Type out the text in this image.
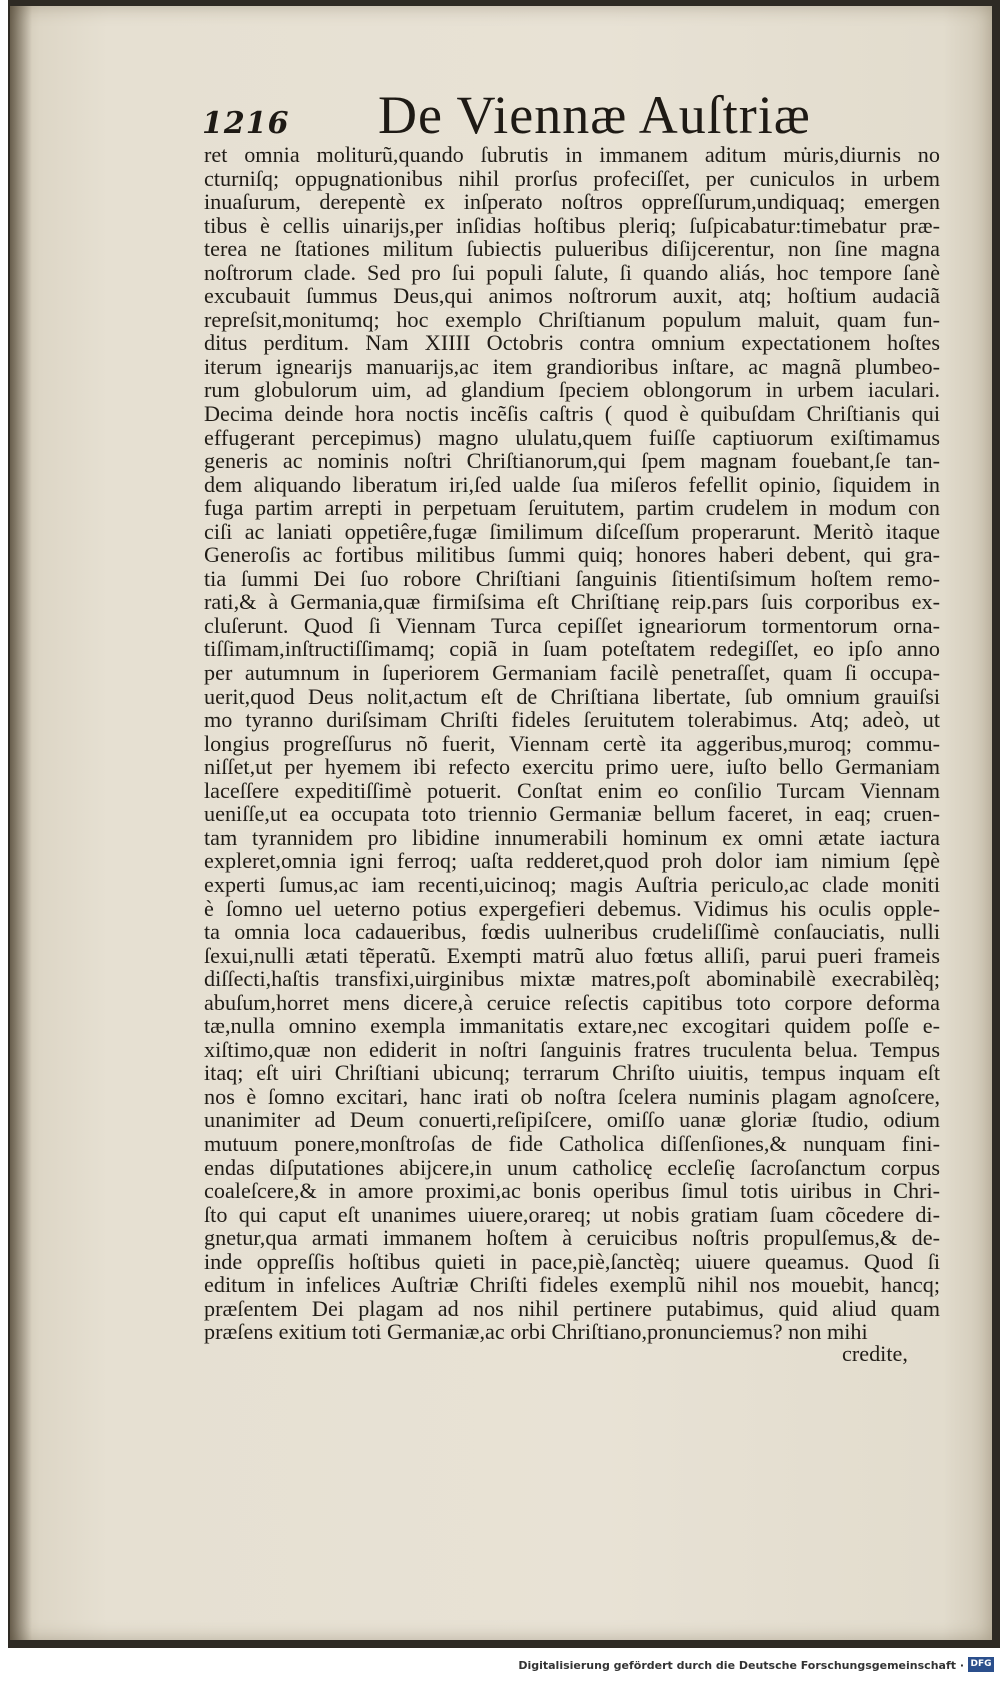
1216 De Viennæ Auſtriæ
ret omnia moliturũ,quando ſubrutis in immanem aditum mu̇ris,diurnis no
cturniſq; oppugnationibus nihil prorſus profeciſſet, per cuniculos in urbem
inuaſurum, derepentè ex inſperato noſtros oppreſſurum,undiquaq; emergen
tibus è cellis uinarijs,per inſidias hoſtibus plerіq; ſuſpicabatur:timebatur præ-
terea ne ſtationes militum ſubiectis puluerіbus diſijcerentur, non ſine magna
noſtrorum clade. Sed pro ſui populi ſalute, ſi quando aliás, hoc tempore ſanè
excubauit ſummus Deus,qui animos noſtrorum auxit, atq; hoſtium audaciã
repreſsit,monitumq; hoc exemplo Chriſtianum populum maluit, quam fun-
ditus perditum. Nam XIIII Octobris contra omnium expectationem hoſtes
iterum ignearijs manuarijs,ac item grandioribus inſtare, ac magnã plumbeo-
rum globulorum uim, ad glandium ſpeciem oblongorum in urbem iaculari.
Decima deinde hora noctis incẽſis caſtris ( quod è quibuſdam Chriſtianis qui
effugerant percepimus) magno ululatu,quem fuiſſe captiuorum exiſtimamus
generis ac nominis noſtri Chriſtianorum,qui ſpem magnam fouebant,ſe tan-
dem aliquando liberatum iri,ſed ualde ſua miſeros fefellit opinio, ſiquidem in
fuga partim arrepti in perpetuam ſeruitutem, partim crudelem in modum con
ciſi ac laniati oppetiêre,fugæ ſimilimum diſceſſum properarunt. Meritò itaque
Generoſis ac fortibus militibus ſummi quiq; honores haberi debent, qui gra-
tia ſummi Dei ſuo robore Chriſtiani ſanguinis ſitientiſsimum hoſtem remo-
rati,& à Germania,quæ firmiſsima eſt Chriſtianę reip.pars ſuis corporibus ex-
cluſerunt. Quod ſi Viennam Turca cepiſſet ignearіorum tormentorum orna-
tiſſimam,inſtructiſſimamq; copiã in ſuam poteſtatem redegiſſet, eo ipſo anno
per autumnum in ſuperiorem Germaniam facilè penetraſſet, quam ſi occupa-
uerit,quod Deus nolit,actum eſt de Chriſtiana libertate, ſub omnium grauiſsi
mo tyranno durіſsimam Chriſti fideles ſeruitutem tolerabimus. Atq; adeò, ut
longius progreſſurus nõ fuerit, Viennam certè ita aggeribus,muroq; commu-
niſſet,ut per hyemem ibi refecto exercitu primo uere, iuſto bello Germaniam
laceſſere expeditiſſimè potuerit. Conſtat enim eo conſilio Turcam Viennam
ueniſſe,ut ea occupata toto triennio Germaniæ bellum faceret, in eaq; cruen-
tam tyrannidem pro libidine innumerabili hominum ex omni ætate iactura
expleret,omnia igni ferroq; uaſta redderet,quod proh dolor iam nimium ſępè
experti ſumus,ac iam recenti,uicinoq; magis Auſtria periculo,ac clade moniti
è ſomno uel ueterno potius expergefieri debemus. Vidimus his oculis opple-
ta omnia loca cadaueribus, fœdis uulneribus crudeliſſimè conſauciatis, nulli
ſexui,nulli ætati tẽperatũ. Exempti matrũ aluo fœtus alliſi, parui pueri frameis
diſſecti,haſtis transfixi,uirginibus mixtæ matres,poſt abominabilè execrabilèq;
abuſum,horret mens dicere,à ceruice reſectis capitibus toto corpore deforma
tæ,nulla omnino exempla immanitatis extare,nec excogitari quidem poſſe e-
xiſtimo,quæ non ediderit in noſtri ſanguinis fratres truculenta belua. Tempus
itaq; eſt uiri Chriſtiani ubicunq; terrarum Chriſto uiuitis, tempus inquam eſt
nos è ſomno excitari, hanc irati ob noſtra ſcelera numinis plagam agnoſcere,
unanimiter ad Deum conuerti,reſipiſcere, omiſſo uanæ gloriæ ſtudio, odium
mutuum ponere,monſtroſas de fide Catholica diſſenſiones,& nunquam fini-
endas diſputationes abijcere,in unum catholicę eccleſię ſacroſanctum corpus
coaleſcere,& in amore proximi,ac bonis operibus ſimul totis uiribus in Chri-
ſto qui caput eſt unanimes uiuere,orareq; ut nobis gratiam ſuam cõcedere di-
gnetur,qua armati immanem hoſtem à ceruicibus noſtris propulſemus,& de-
inde oppreſſis hoſtibus quieti in pace,piè,ſanctèq; uiuere queamus. Quod ſi
editum in infelices Auſtriæ Chriſti fideles exemplũ nihil nos mouebit, hancq;
præſentem Dei plagam ad nos nihil pertinere putabimus, quid aliud quam
præſens exitium toti Germaniæ,ac orbi Chriſtiano,pronunciemus? non mihi
credite,
Digitalisierung gefördert durch die Deutsche Forschungsgemeinschaft · DFG
